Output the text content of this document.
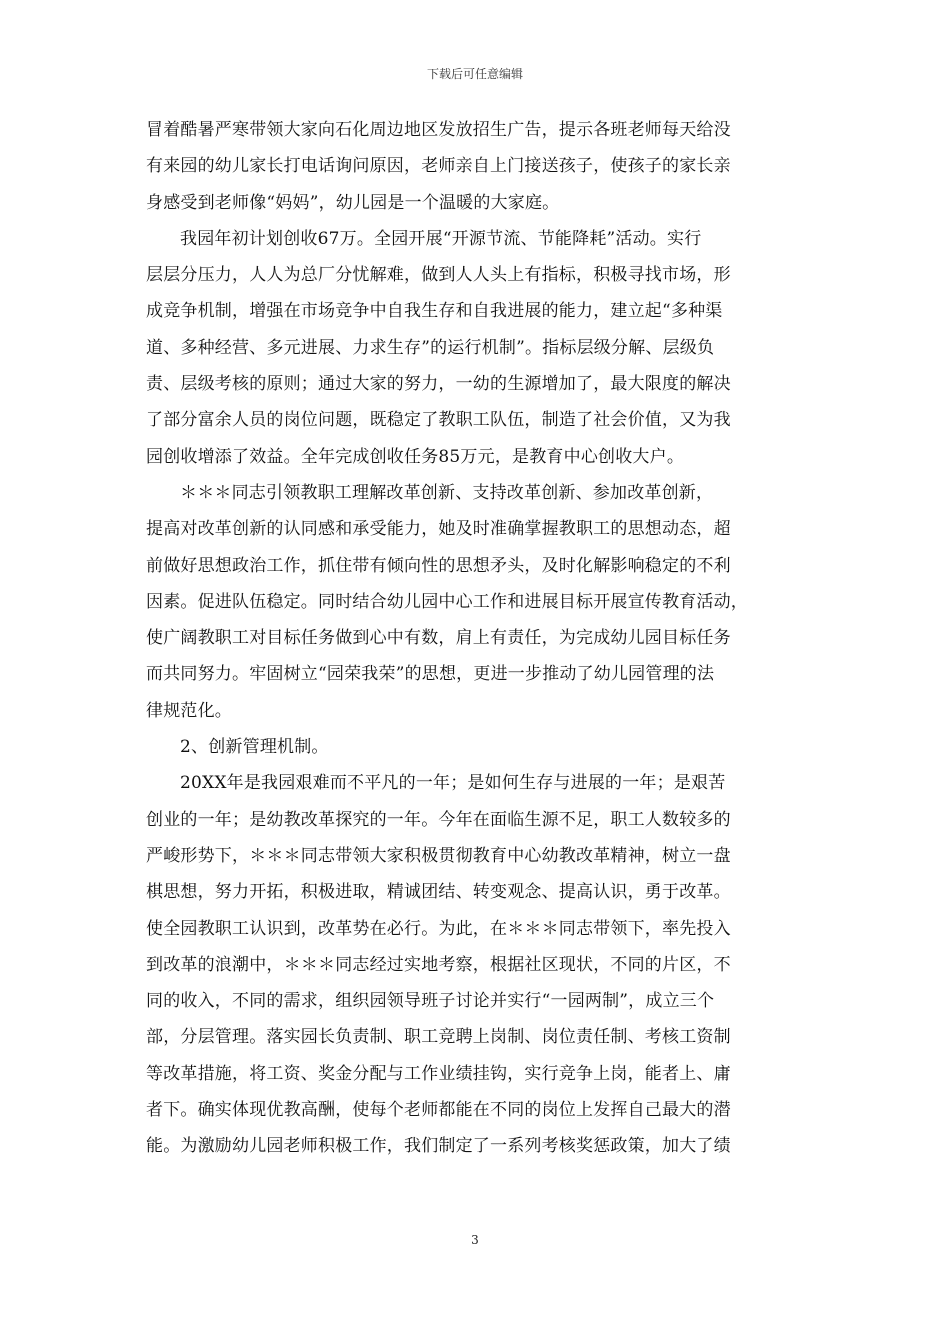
下载后可任意编辑

冒着酷暑严寒带领大家向石化周边地区发放招生广告，提示各班老师每天给没
有来园的幼儿家长打电话询问原因，老师亲自上门接送孩子，使孩子的家长亲
身感受到老师像“妈妈”，幼儿园是一个温暖的大家庭。

我园年初计划创收67万。全园开展“开源节流、节能降耗”活动。实行
层层分压力，人人为总厂分忧解难，做到人人头上有指标，积极寻找市场，形
成竞争机制，增强在市场竞争中自我生存和自我进展的能力，建立起“多种渠
道、多种经营、多元进展、力求生存”的运行机制”。指标层级分解、层级负
责、层级考核的原则；通过大家的努力，一幼的生源增加了，最大限度的解决
了部分富余人员的岗位问题，既稳定了教职工队伍，制造了社会价值，又为我
园创收增添了效益。全年完成创收任务85万元，是教育中心创收大户。

＊＊＊同志引领教职工理解改革创新、支持改革创新、参加改革创新，
提高对改革创新的认同感和承受能力，她及时准确掌握教职工的思想动态，超
前做好思想政治工作，抓住带有倾向性的思想矛头，及时化解影响稳定的不利
因素。促进队伍稳定。同时结合幼儿园中心工作和进展目标开展宣传教育活动，
使广阔教职工对目标任务做到心中有数，肩上有责任，为完成幼儿园目标任务
而共同努力。牢固树立“园荣我荣”的思想，更进一步推动了幼儿园管理的法
律规范化。

2、创新管理机制。

20XX年是我园艰难而不平凡的一年；是如何生存与进展的一年；是艰苦
创业的一年；是幼教改革探究的一年。今年在面临生源不足，职工人数较多的
严峻形势下，＊＊＊同志带领大家积极贯彻教育中心幼教改革精神，树立一盘
棋思想，努力开拓，积极进取，精诚团结、转变观念、提高认识，勇于改革。
使全园教职工认识到，改革势在必行。为此，在＊＊＊同志带领下，率先投入
到改革的浪潮中，＊＊＊同志经过实地考察，根据社区现状，不同的片区，不
同的收入，不同的需求，组织园领导班子讨论并实行“一园两制”，成立三个
部，分层管理。落实园长负责制、职工竞聘上岗制、岗位责任制、考核工资制
等改革措施，将工资、奖金分配与工作业绩挂钩，实行竞争上岗，能者上、庸
者下。确实体现优教高酬，使每个老师都能在不同的岗位上发挥自己最大的潜
能。为激励幼儿园老师积极工作，我们制定了一系列考核奖惩政策，加大了绩

3
